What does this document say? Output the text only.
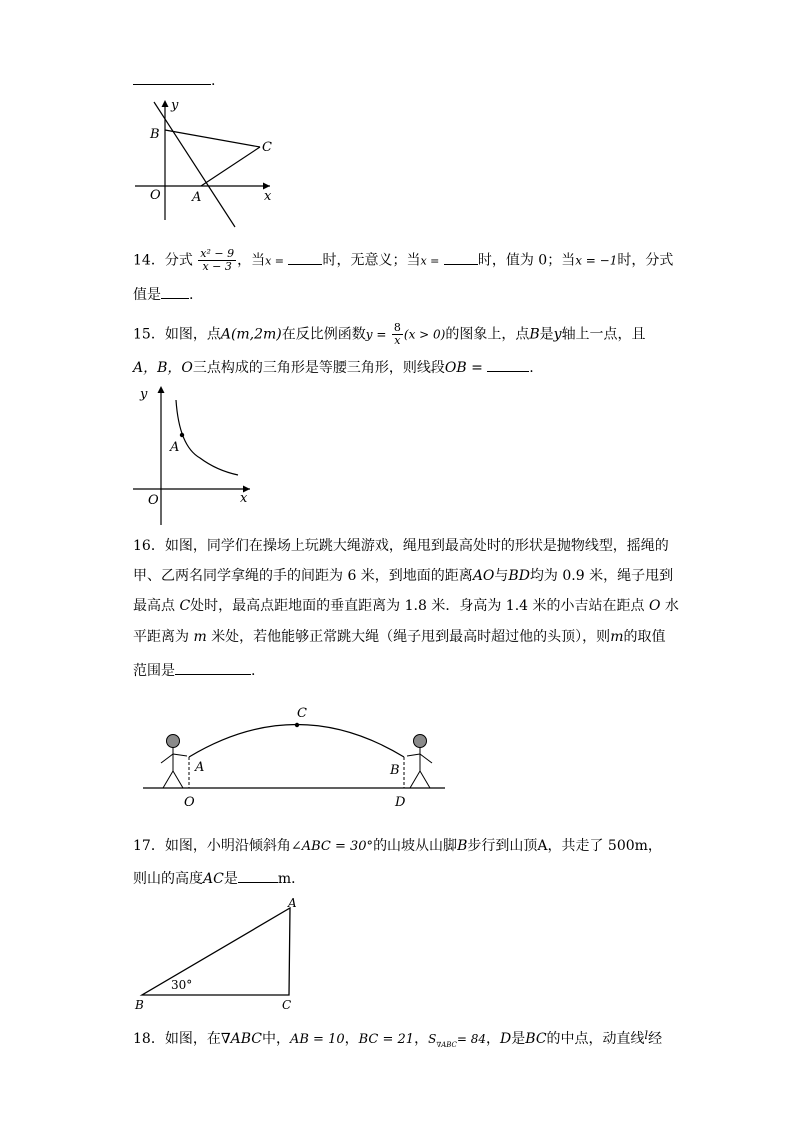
.
y
x
O A
B
C
14．分式 $\frac{\text{x² − 9}}{x - 3}$ ，当x =	时，无意义；当x =	时，值为 0；当x = −1时，分式
值是 .
15．如图，点A(m,2m)在反比例函数$y = \frac{8}{x} (x > 0)$的图象上，点B是y轴上一点，且
A，B，O三点构成的三角形是等腰三角形，则线段OB =	.
y
x
O
A
16．如图，同学们在操场上玩跳大绳游戏，绳甩到最高处时的形状是抛物线型，摇绳的
甲、乙两名同学拿绳的手的间距为 6 米，到地面的距离AO与BD均为 0.9 米，绳子甩到
最高点 C处时，最高点距地面的垂直距离为 1.8 米．身高为 1.4 米的小吉站在距点 O 水
平距离为 m 米处，若他能够正常跳大绳（绳子甩到最高时超过他的头顶），则m的取值
范围是	.
C
A	B
O	D
17．如图，小明沿倾斜角∠ABC = 30°的山坡从山脚B步行到山顶A，共走了 500m，
则山的高度AC是	m．
A
B	C
30°
18．如图，在∇ABC中，AB = 10，BC = 21，$S_{\nabla ABC}= 84$，D是BC的中点，动直线$^l$经
